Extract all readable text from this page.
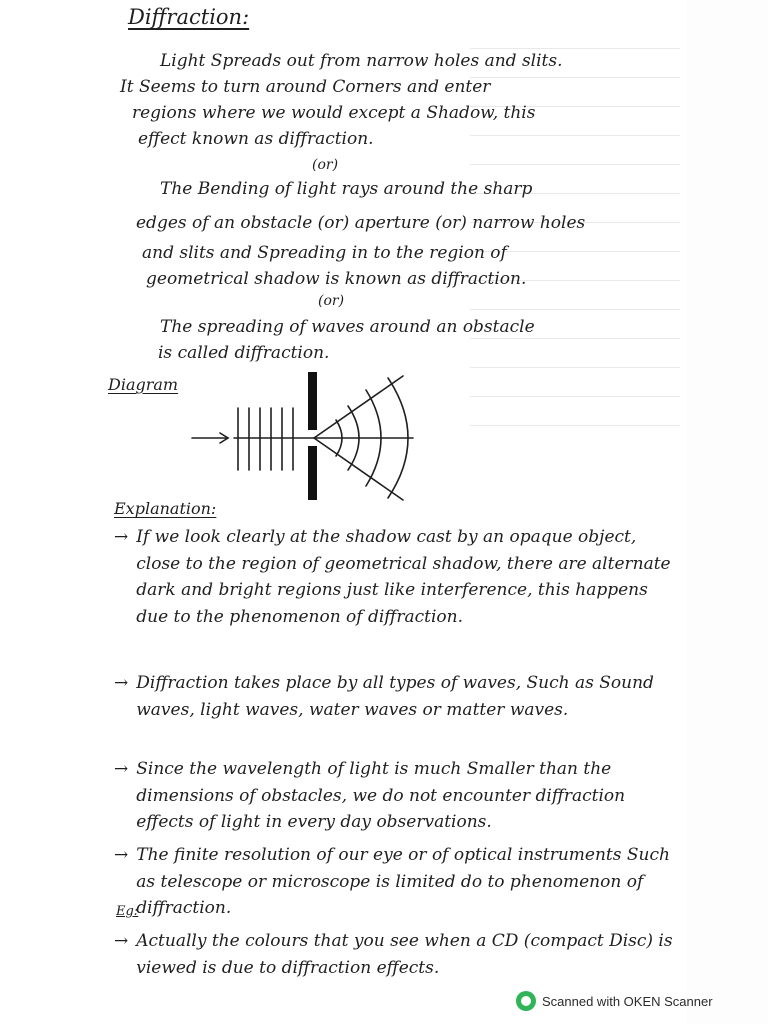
Diffraction:

Light Spreads out from narrow holes and slits.

It Seems to turn around Corners and enter

regions where we would except a Shadow, this

effect known as diffraction.

(or)

The Bending of light rays around the sharp

edges of an obstacle (or) aperture (or) narrow holes

and slits and Spreading in to the region of

geometrical shadow is known as diffraction.

(or)

The spreading of waves around an obstacle

is called diffraction.

Diagram

Explanation:

→ If we look clearly at the shadow cast by an opaque object, close to the region of geometrical shadow, there are alternate dark and bright regions just like interference, this happens due to the phenomenon of diffraction.
→ Diffraction takes place by all types of waves, Such as Sound waves, light waves, water waves or matter waves.
→ Since the wavelength of light is much Smaller than the dimensions of obstacles, we do not encounter diffraction effects of light in every day observations.
→ The finite resolution of our eye or of optical instruments Such as telescope or microscope is limited do to phenomenon of diffraction.
Eg:
→ Actually the colours that you see when a CD (compact Disc) is viewed is due to diffraction effects.
Scanned with OKEN Scanner
